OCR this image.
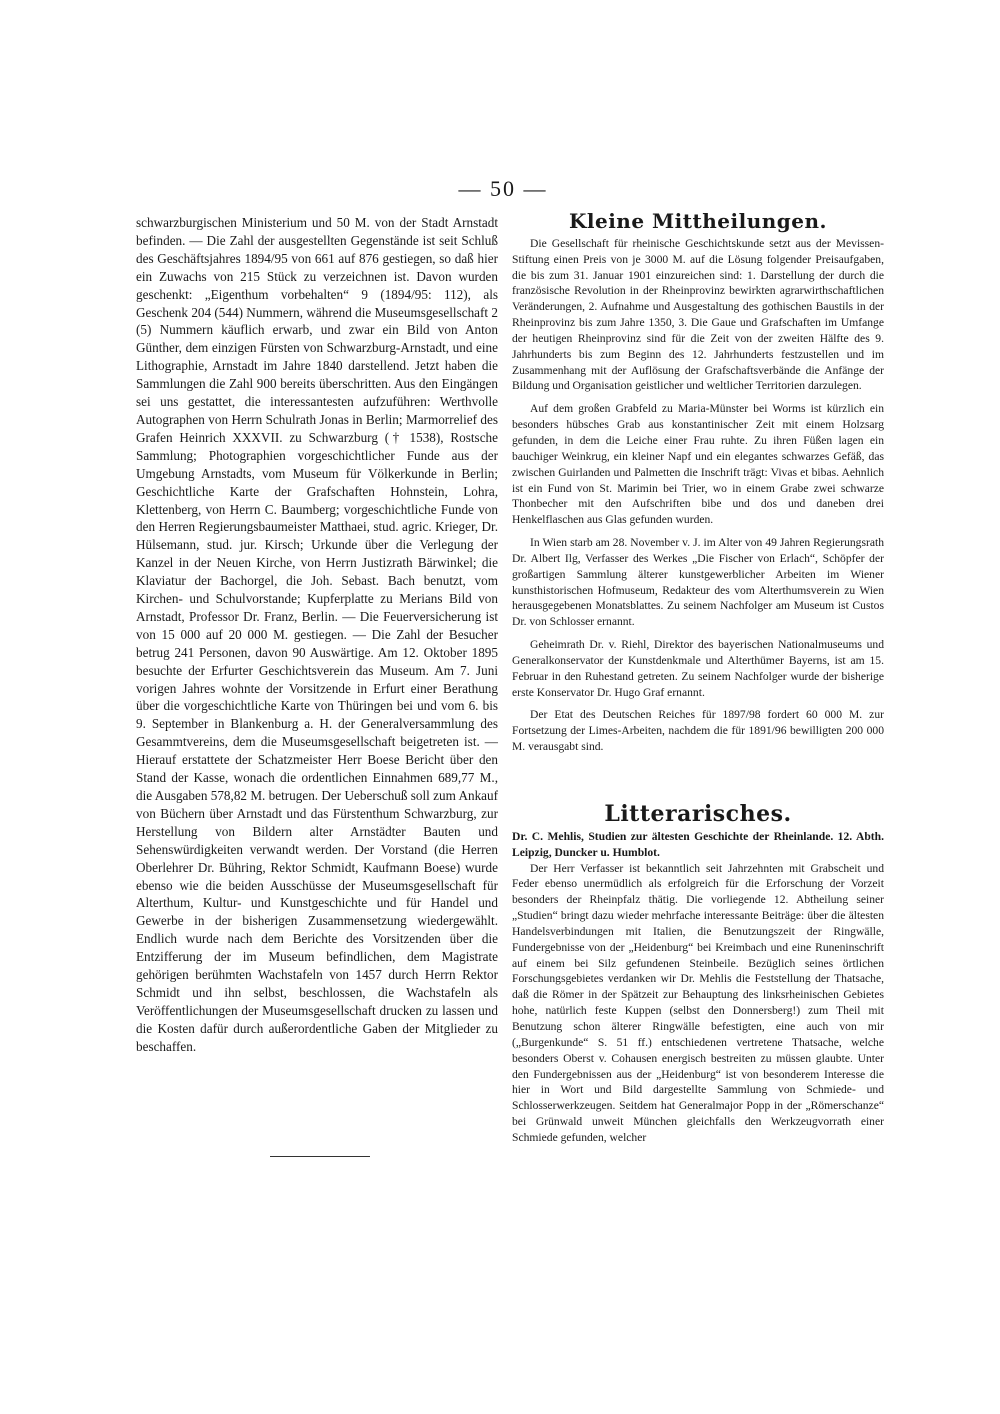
— 50 —

schwarzburgischen Ministerium und 50 M. von der Stadt Arnstadt befinden. — Die Zahl der ausgestellten Gegenstände ist seit Schluß des Geschäftsjahres 1894/95 von 661 auf 876 gestiegen, so daß hier ein Zuwachs von 215 Stück zu verzeichnen ist. Davon wurden geschenkt: „Eigenthum vorbehalten“ 9 (1894/95: 112), als Geschenk 204 (544) Nummern, während die Museumsgesellschaft 2 (5) Nummern käuflich erwarb, und zwar ein Bild von Anton Günther, dem einzigen Fürsten von Schwarzburg-Arnstadt, und eine Lithographie, Arnstadt im Jahre 1840 darstellend. Jetzt haben die Sammlungen die Zahl 900 bereits überschritten. Aus den Eingängen sei uns gestattet, die interessantesten aufzuführen: Werthvolle Autographen von Herrn Schulrath Jonas in Berlin; Marmorrelief des Grafen Heinrich XXXVII. zu Schwarzburg († 1538), Rostsche Sammlung; Photographien vorgeschichtlicher Funde aus der Umgebung Arnstadts, vom Museum für Völkerkunde in Berlin; Geschichtliche Karte der Grafschaften Hohnstein, Lohra, Klettenberg, von Herrn C. Baumberg; vorgeschichtliche Funde von den Herren Regierungsbaumeister Matthaei, stud. agric. Krieger, Dr. Hülsemann, stud. jur. Kirsch; Urkunde über die Verlegung der Kanzel in der Neuen Kirche, von Herrn Justizrath Bärwinkel; die Klaviatur der Bachorgel, die Joh. Sebast. Bach benutzt, vom Kirchen- und Schulvorstande; Kupferplatte zu Merians Bild von Arnstadt, Professor Dr. Franz, Berlin. — Die Feuerversicherung ist von 15 000 auf 20 000 M. gestiegen. — Die Zahl der Besucher betrug 241 Personen, davon 90 Auswärtige. Am 12. Oktober 1895 besuchte der Erfurter Geschichtsverein das Museum. Am 7. Juni vorigen Jahres wohnte der Vorsitzende in Erfurt einer Berathung über die vorgeschichtliche Karte von Thüringen bei und vom 6. bis 9. September in Blankenburg a. H. der Generalversammlung des Gesammtvereins, dem die Museumsgesellschaft beigetreten ist. — Hierauf erstattete der Schatzmeister Herr Boese Bericht über den Stand der Kasse, wonach die ordentlichen Einnahmen 689,77 M., die Ausgaben 578,82 M. betrugen. Der Ueberschuß soll zum Ankauf von Büchern über Arnstadt und das Fürstenthum Schwarzburg, zur Herstellung von Bildern alter Arnstädter Bauten und Sehenswürdigkeiten verwandt werden. Der Vorstand (die Herren Oberlehrer Dr. Bühring, Rektor Schmidt, Kaufmann Boese) wurde ebenso wie die beiden Ausschüsse der Museumsgesellschaft für Alterthum, Kultur- und Kunstgeschichte und für Handel und Gewerbe in der bisherigen Zusammensetzung wiedergewählt. Endlich wurde nach dem Berichte des Vorsitzenden über die Entzifferung der im Museum befindlichen, dem Magistrate gehörigen berühmten Wachstafeln von 1457 durch Herrn Rektor Schmidt und ihn selbst, beschlossen, die Wachstafeln als Veröffentlichungen der Museumsgesellschaft drucken zu lassen und die Kosten dafür durch außerordentliche Gaben der Mitglieder zu beschaffen.

Kleine Mittheilungen.

Die Gesellschaft für rheinische Geschichtskunde setzt aus der Mevissen-Stiftung einen Preis von je 3000 M. auf die Lösung folgender Preisaufgaben, die bis zum 31. Januar 1901 einzureichen sind: 1. Darstellung der durch die französische Revolution in der Rheinprovinz bewirkten agrarwirthschaftlichen Veränderungen, 2. Aufnahme und Ausgestaltung des gothischen Baustils in der Rheinprovinz bis zum Jahre 1350, 3. Die Gaue und Grafschaften im Umfange der heutigen Rheinprovinz sind für die Zeit von der zweiten Hälfte des 9. Jahrhunderts bis zum Beginn des 12. Jahrhunderts festzustellen und im Zusammenhang mit der Auflösung der Grafschaftsverbände die Anfänge der Bildung und Organisation geistlicher und weltlicher Territorien darzulegen.

Auf dem großen Grabfeld zu Maria-Münster bei Worms ist kürzlich ein besonders hübsches Grab aus konstantinischer Zeit mit einem Holzsarg gefunden, in dem die Leiche einer Frau ruhte. Zu ihren Füßen lagen ein bauchiger Weinkrug, ein kleiner Napf und ein elegantes schwarzes Gefäß, das zwischen Guirlanden und Palmetten die Inschrift trägt: Vivas et bibas. Aehnlich ist ein Fund von St. Marimin bei Trier, wo in einem Grabe zwei schwarze Thonbecher mit den Aufschriften bibe und dos und daneben drei Henkelflaschen aus Glas gefunden wurden.

In Wien starb am 28. November v. J. im Alter von 49 Jahren Regierungsrath Dr. Albert Ilg, Verfasser des Werkes „Die Fischer von Erlach“, Schöpfer der großartigen Sammlung älterer kunstgewerblicher Arbeiten im Wiener kunsthistorischen Hofmuseum, Redakteur des vom Alterthumsverein zu Wien herausgegebenen Monatsblattes. Zu seinem Nachfolger am Museum ist Custos Dr. von Schlosser ernannt.

Geheimrath Dr. v. Riehl, Direktor des bayerischen Nationalmuseums und Generalkonservator der Kunstdenkmale und Alterthümer Bayerns, ist am 15. Februar in den Ruhestand getreten. Zu seinem Nachfolger wurde der bisherige erste Konservator Dr. Hugo Graf ernannt.

Der Etat des Deutschen Reiches für 1897/98 fordert 60 000 M. zur Fortsetzung der Limes-Arbeiten, nachdem die für 1891/96 bewilligten 200 000 M. verausgabt sind.

Litterarisches.

Dr. C. Mehlis, Studien zur ältesten Geschichte der Rheinlande. 12. Abth. Leipzig, Duncker u. Humblot.

Der Herr Verfasser ist bekanntlich seit Jahrzehnten mit Grabscheit und Feder ebenso unermüdlich als erfolgreich für die Erforschung der Vorzeit besonders der Rheinpfalz thätig. Die vorliegende 12. Abtheilung seiner „Studien“ bringt dazu wieder mehrfache interessante Beiträge: über die ältesten Handelsverbindungen mit Italien, die Benutzungszeit der Ringwälle, Fundergebnisse von der „Heidenburg“ bei Kreimbach und eine Runeninschrift auf einem bei Silz gefundenen Steinbeile. Bezüglich seines örtlichen Forschungsgebietes verdanken wir Dr. Mehlis die Feststellung der Thatsache, daß die Römer in der Spätzeit zur Behauptung des linksrheinischen Gebietes hohe, natürlich feste Kuppen (selbst den Donnersberg!) zum Theil mit Benutzung schon älterer Ringwälle befestigten, eine auch von mir („Burgenkunde“ S. 51 ff.) entschiedenen vertretene Thatsache, welche besonders Oberst v. Cohausen energisch bestreiten zu müssen glaubte. Unter den Fundergebnissen aus der „Heidenburg“ ist von besonderem Interesse die hier in Wort und Bild dargestellte Sammlung von Schmiede- und Schlosserwerkzeugen. Seitdem hat Generalmajor Popp in der „Römerschanze“ bei Grünwald unweit München gleichfalls den Werkzeugvorrath einer Schmiede gefunden, welcher
